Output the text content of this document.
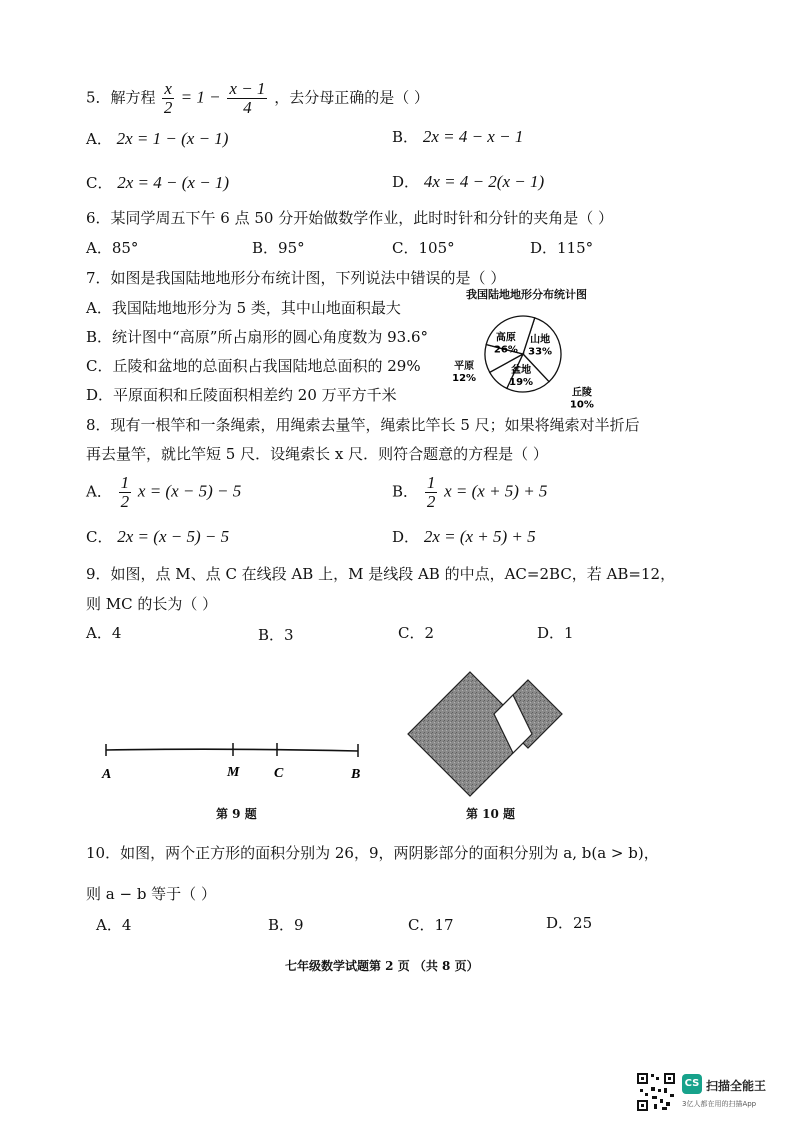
5．解方程 $\frac{x}{2} = 1 - \frac{x - 1}{4}$ ，去分母正确的是（ ）
A． 2x = 1 − (x − 1)	B． 2x = 4 − x − 1
C． 2x = 4 − (x − 1)	D． 4x = 4 − 2(x − 1)
6．某同学周五下午 6 点 50 分开始做数学作业，此时时针和分针的夹角是（ ）
A．85°	B．95°	C．105°	D．115°
7．如图是我国陆地地形分布统计图，下列说法中错误的是（ ）
A．我国陆地地形分为 5 类，其中山地面积最大
B．统计图中“高原”所占扇形的圆心角度数为 93.6°
C．丘陵和盆地的总面积占我国陆地总面积的 29%
D．平原面积和丘陵面积相差约 20 万平方千米
我国陆地地形分布统计图
山地
33%
盆地
19%
丘陵
10%
平原
12%
高原
26%
8．现有一根竿和一条绳索，用绳索去量竿，绳索比竿长 5 尺；如果将绳索对半折后
再去量竿，就比竿短 5 尺．设绳索长 x 尺．则符合题意的方程是（ ）
A． $\frac{1}{2}$ x = (x − 5) − 5	B． $\frac{1}{2}$ x = (x + 5) + 5
C． 2x = (x − 5) − 5	D． 2x = (x + 5) + 5
9．如图，点 M、点 C 在线段 AB 上，M 是线段 AB 的中点，AC=2BC，若 AB=12，
则 MC 的长为（ ）
A．4	B．3	C．2	D．1
A	M C	B
第 9 题	第 10 题
10．如图，两个正方形的面积分别为 26，9，两阴影部分的面积分别为 a, b(a > b)，
则 a − b 等于（ ）
A．4	B．9	C．17	D．25
七年级数学试题第 2 页 （共 8 页）
CS 扫描全能王
3亿人都在用的扫描App
